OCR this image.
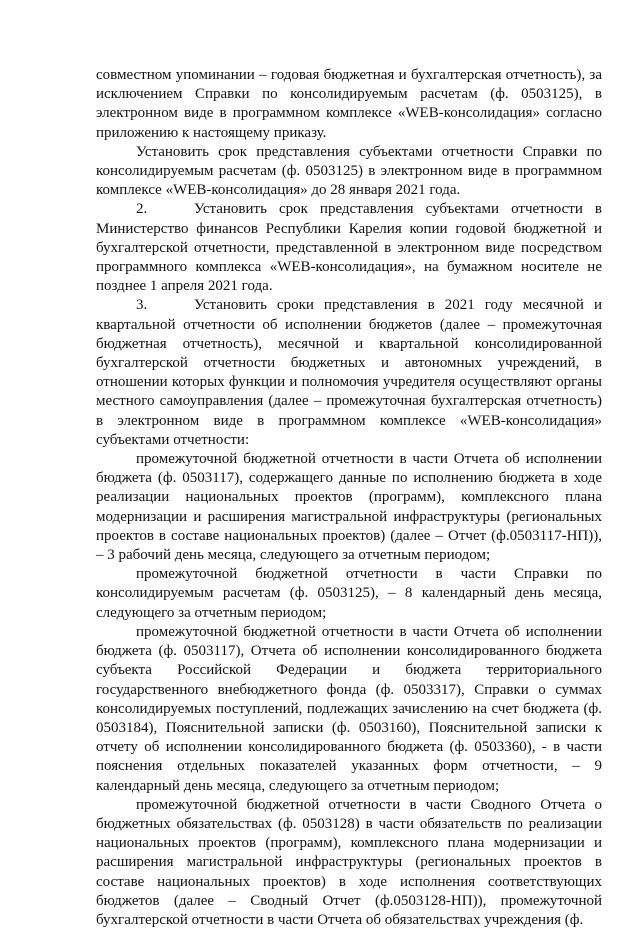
совместном упоминании – годовая бюджетная и бухгалтерская отчетность), за исключением Справки по консолидируемым расчетам (ф. 0503125), в электронном виде в программном комплексе «WEB-консолидация» согласно приложению к настоящему приказу.

Установить срок представления субъектами отчетности Справки по консолидируемым расчетам (ф. 0503125) в электронном виде в программном комплексе «WEB-консолидация» до 28 января 2021 года.

2.	Установить срок представления субъектами отчетности в Министерство финансов Республики Карелия копии годовой бюджетной и бухгалтерской отчетности, представленной в электронном виде посредством программного комплекса «WEB-консолидация», на бумажном носителе не позднее 1 апреля 2021 года.

3.	Установить сроки представления в 2021 году месячной и квартальной отчетности об исполнении бюджетов (далее – промежуточная бюджетная отчетность), месячной и квартальной консолидированной бухгалтерской отчетности бюджетных и автономных учреждений, в отношении которых функции и полномочия учредителя осуществляют органы местного самоуправления (далее – промежуточная бухгалтерская отчетность) в электронном виде в программном комплексе «WEB-консолидация» субъектами отчетности:

промежуточной бюджетной отчетности в части Отчета об исполнении бюджета (ф. 0503117), содержащего данные по исполнению бюджета в ходе реализации национальных проектов (программ), комплексного плана модернизации и расширения магистральной инфраструктуры (региональных проектов в составе национальных проектов) (далее – Отчет (ф.0503117-НП)), – 3 рабочий день месяца, следующего за отчетным периодом;

промежуточной бюджетной отчетности в части Справки по консолидируемым расчетам (ф. 0503125), – 8 календарный день месяца, следующего за отчетным периодом;

промежуточной бюджетной отчетности в части Отчета об исполнении бюджета (ф. 0503117), Отчета об исполнении консолидированного бюджета субъекта Российской Федерации и бюджета территориального государственного внебюджетного фонда (ф. 0503317), Справки о суммах консолидируемых поступлений, подлежащих зачислению на счет бюджета (ф. 0503184), Пояснительной записки (ф. 0503160), Пояснительной записки к отчету об исполнении консолидированного бюджета (ф. 0503360), - в части пояснения отдельных показателей указанных форм отчетности, – 9 календарный день месяца, следующего за отчетным периодом;

промежуточной бюджетной отчетности в части Сводного Отчета о бюджетных обязательствах (ф. 0503128) в части обязательств по реализации национальных проектов (программ), комплексного плана модернизации и расширения магистральной инфраструктуры (региональных проектов в составе национальных проектов) в ходе исполнения соответствующих бюджетов (далее – Сводный Отчет (ф.0503128-НП)), промежуточной бухгалтерской отчетности в части Отчета об обязательствах учреждения (ф.
